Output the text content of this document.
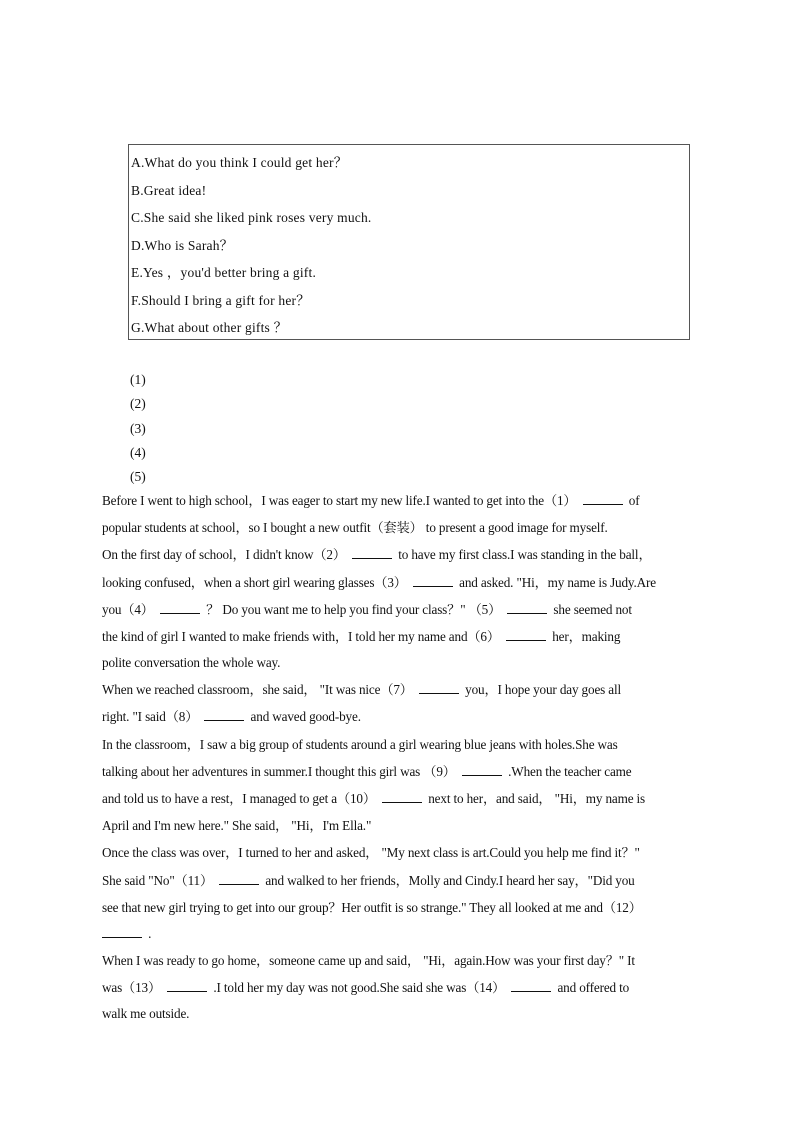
A.What do you think I could get her？
B.Great idea!
C.She said she liked pink roses very much.
D.Who is Sarah？
E.Yes ，you'd better bring a gift.
F.Should I bring a gift for her？
G.What about other gifts ？
(1)
(2)
(3)
(4)
(5)
Before I went to high school，I was eager to start my new life.I wanted to get into the（1）	of
popular students at school，so I bought a new outfit（套装） to present a good image for myself.
On the first day of school，I didn't know（2）	to have my first class.I was standing in the ball，
looking confused，when a short girl wearing glasses（3）	and asked. "Hi，my name is Judy.Are
you（4）	？ Do you want me to help you find your class？" （5）	she seemed not
the kind of girl I wanted to make friends with，I told her my name and（6）	her，making
polite conversation the whole way.
When we reached classroom，she said， "It was nice（7）	you，I hope your day goes all
right. "I said（8）	and waved good-bye.
In the classroom，I saw a big group of students around a girl wearing blue jeans with holes.She was
talking about her adventures in summer.I thought this girl was （9）	.When the teacher came
and told us to have a rest，I managed to get a（10）	next to her，and said， "Hi，my name is
April and I'm new here." She said， "Hi，I'm Ella."
Once the class was over，I turned to her and asked， "My next class is art.Could you help me find it？"
She said "No"（11）	and walked to her friends，Molly and Cindy.I heard her say，"Did you
see that new girl trying to get into our group？Her outfit is so strange." They all looked at me and（12）
.
When I was ready to go home，someone came up and said， "Hi，again.How was your first day？" It
was（13）	.I told her my day was not good.She said she was（14）	and offered to
walk me outside.
